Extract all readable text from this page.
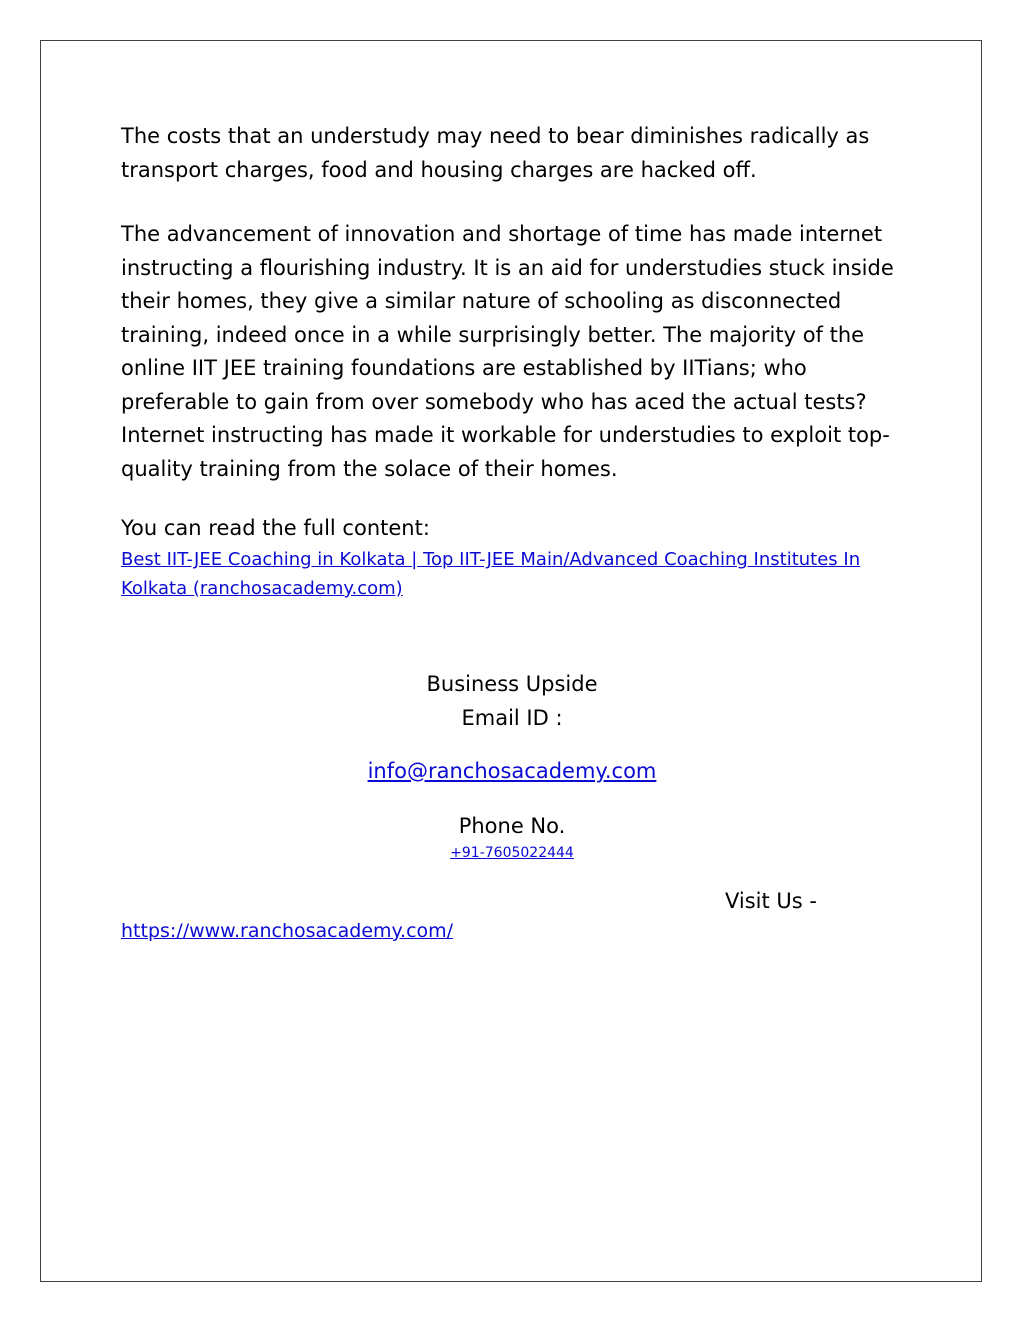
The costs that an understudy may need to bear diminishes radically as transport charges, food and housing charges are hacked off.

The advancement of innovation and shortage of time has made internet instructing a flourishing industry. It is an aid for understudies stuck inside their homes, they give a similar nature of schooling as disconnected training, indeed once in a while surprisingly better. The majority of the online IIT JEE training foundations are established by IITians; who preferable to gain from over somebody who has aced the actual tests? Internet instructing has made it workable for understudies to exploit top-quality training from the solace of their homes.

You can read the full content:

Best IIT-JEE Coaching in Kolkata | Top IIT-JEE Main/Advanced Coaching Institutes In Kolkata (ranchosacademy.com)
Business Upside
Email ID :
info@ranchosacademy.com
Phone No.
+91-7605022444

Visit Us -

https://www.ranchosacademy.com/
